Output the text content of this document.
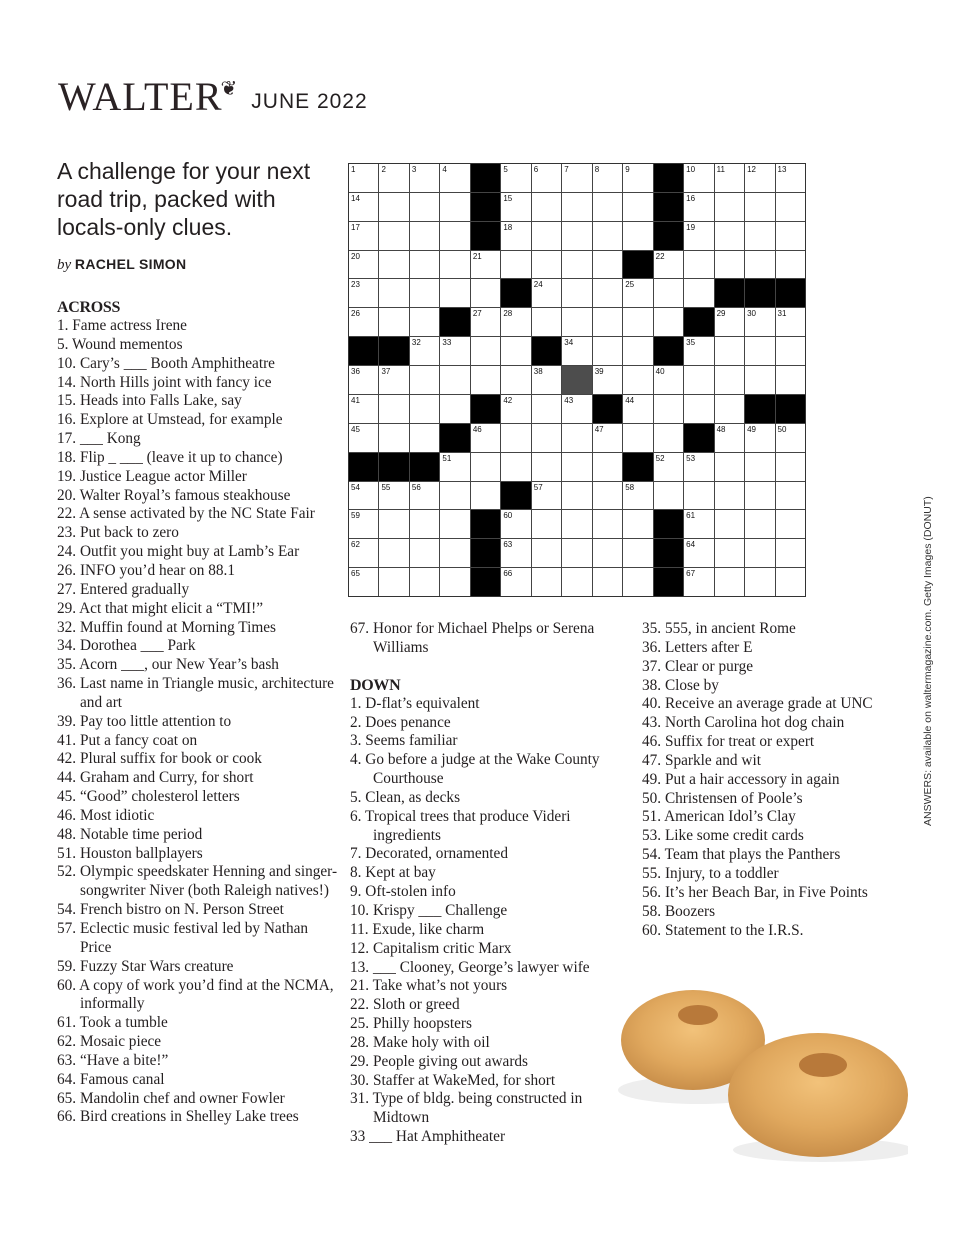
WALTER
❦
JUNE 2022
A challenge for your next road trip, packed with locals-only clues.
by RACHEL SIMON
ACROSS
1. Fame actress Irene
5. Wound mementos
10. Cary’s ___ Booth Amphitheatre
14. North Hills joint with fancy ice
15. Heads into Falls Lake, say
16. Explore at Umstead, for example
17. ___ Kong
18. Flip _ ___ (leave it up to chance)
19. Justice League actor Miller
20. Walter Royal’s famous steakhouse
22. A sense activated by the NC State Fair
23. Put back to zero
24. Outfit you might buy at Lamb’s Ear
26. INFO you’d hear on 88.1
27. Entered gradually
29. Act that might elicit a “TMI!”
32. Muffin found at Morning Times
34. Dorothea ___ Park
35. Acorn ___, our New Year’s bash
36. Last name in Triangle music, architecture and art
39. Pay too little attention to
41. Put a fancy coat on
42. Plural suffix for book or cook
44. Graham and Curry, for short
45. “Good” cholesterol letters
46. Most idiotic
48. Notable time period
51. Houston ballplayers
52. Olympic speedskater Henning and singer-songwriter Niver (both Raleigh natives!)
54. French bistro on N. Person Street
57. Eclectic music festival led by Nathan Price
59. Fuzzy Star Wars creature
60. A copy of work you’d find at the NCMA, informally
61. Took a tumble
62. Mosaic piece
63. “Have a bite!”
64. Famous canal
65. Mandolin chef and owner Fowler
66. Bird creations in Shelley Lake trees
67. Honor for Michael Phelps or Serena Williams
DOWN
1. D-flat’s equivalent
2. Does penance
3. Seems familiar
4. Go before a judge at the Wake County Courthouse
5. Clean, as decks
6. Tropical trees that produce Videri ingredients
7. Decorated, ornamented
8. Kept at bay
9. Oft-stolen info
10. Krispy ___ Challenge
11. Exude, like charm
12. Capitalism critic Marx
13. ___ Clooney, George’s lawyer wife
21. Take what’s not yours
22. Sloth or greed
25. Philly hoopsters
28. Make holy with oil
29. People giving out awards
30. Staffer at WakeMed, for short
31. Type of bldg. being constructed in Midtown
33 ___ Hat Amphitheater
35. 555, in ancient Rome
36. Letters after E
37. Clear or purge
38. Close by
40. Receive an average grade at UNC
43. North Carolina hot dog chain
46. Suffix for treat or expert
47. Sparkle and wit
49. Put a hair accessory in again
50. Christensen of Poole’s
51. American Idol’s Clay
53. Like some credit cards
54. Team that plays the Panthers
55. Injury, to a toddler
56. It’s her Beach Bar, in Five Points
58. Boozers
60. Statement to the I.R.S.
1	2	3	4	5	6	7	8	9	10	11	12	13
14	15	16
17	18	19
20	21	22
23	24	25
26	27	28	29	30	31
32	33	34	35
36	37	38	39	40
41	42	43	44
45	46	47	48	49	50
51	52	53
54	55	56	57	58
59	60	61
62	63	64
65	66	67	ANSWERS: available on waltermagazine.com. Getty Images (DONUT)
